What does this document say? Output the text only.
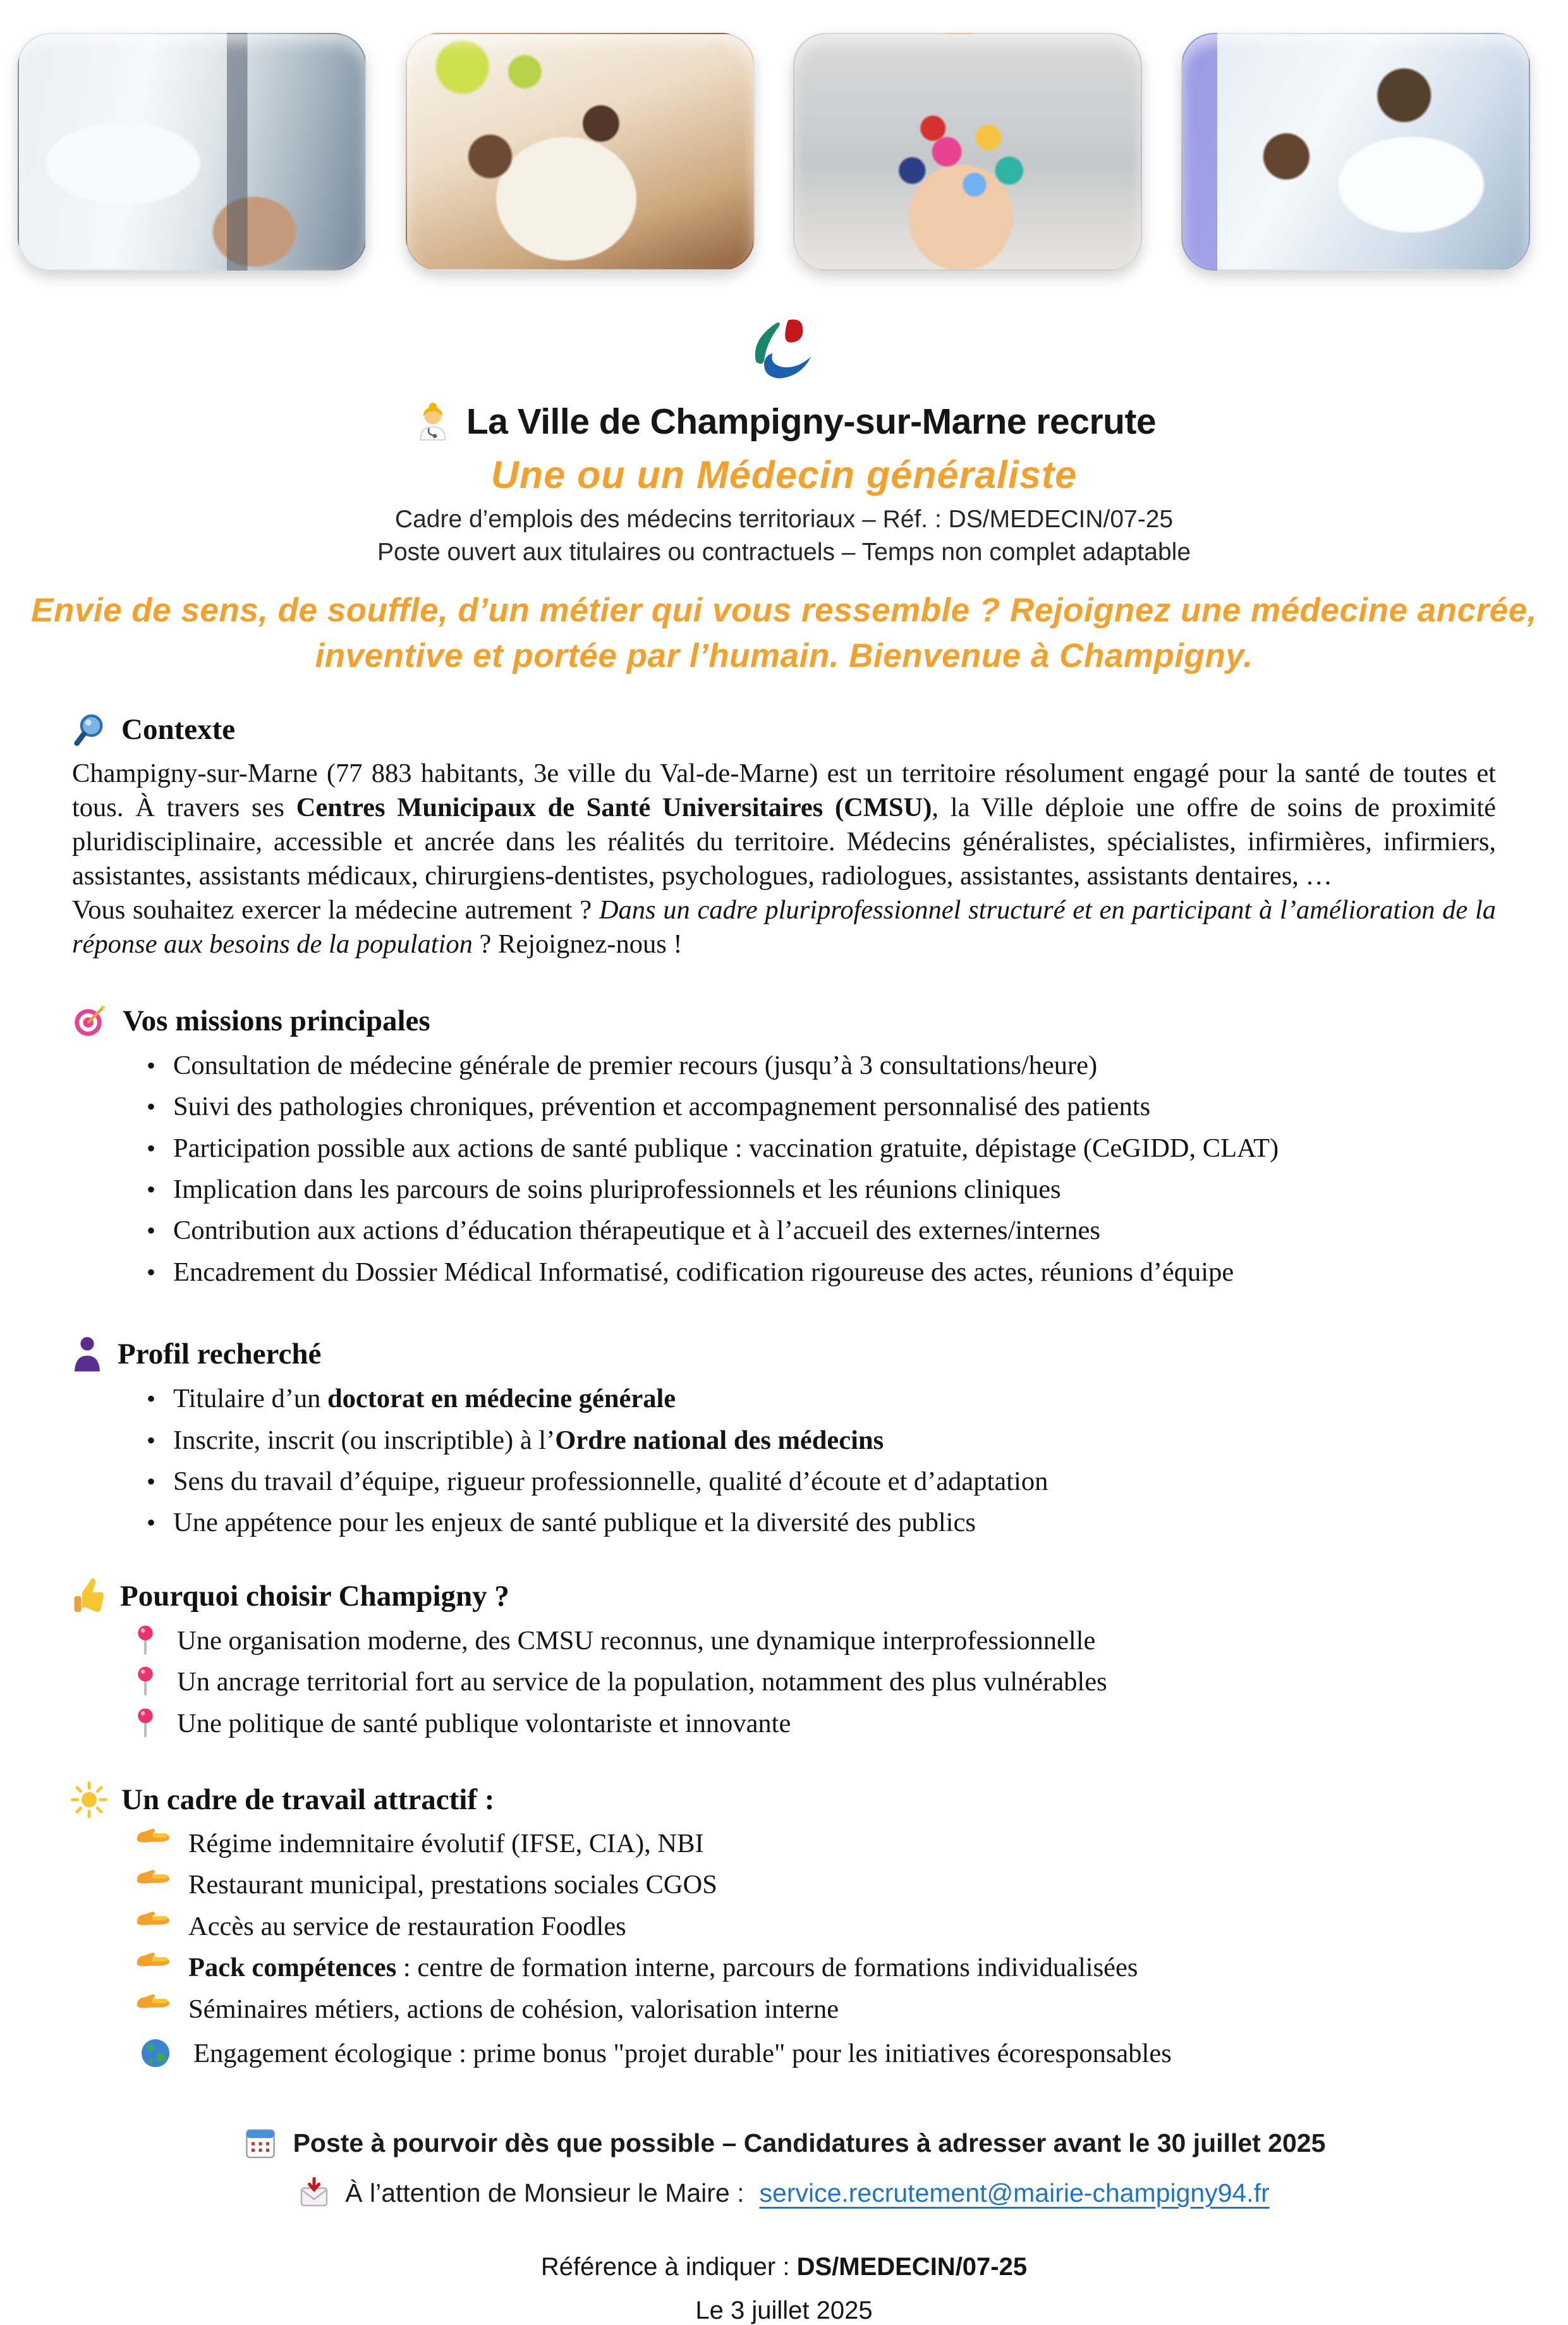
La Ville de Champigny-sur-Marne recrute
Une ou un Médecin généraliste
Cadre d’emplois des médecins territoriaux – Réf. : DS/MEDECIN/07-25
Poste ouvert aux titulaires ou contractuels – Temps non complet adaptable
Envie de sens, de souffle, d’un métier qui vous ressemble ? Rejoignez une médecine ancrée,
inventive et portée par l’humain. Bienvenue à Champigny.
Contexte

Champigny-sur-Marne (77 883 habitants, 3e ville du Val-de-Marne) est un territoire résolument engagé pour la santé de toutes et tous. À travers ses Centres Municipaux de Santé Universitaires (CMSU), la Ville déploie une offre de soins de proximité pluridisciplinaire, accessible et ancrée dans les réalités du territoire. Médecins généralistes, spécialistes, infirmières, infirmiers, assistantes, assistants médicaux, chirurgiens-dentistes, psychologues, radiologues, assistantes, assistants dentaires, …

Vous souhaitez exercer la médecine autrement ? Dans un cadre pluriprofessionnel structuré et en participant à l’amélioration de la réponse aux besoins de la population ? Rejoignez-nous !

Vos missions principales
• Consultation de médecine générale de premier recours (jusqu’à 3 consultations/heure)
• Suivi des pathologies chroniques, prévention et accompagnement personnalisé des patients
• Participation possible aux actions de santé publique : vaccination gratuite, dépistage (CeGIDD, CLAT)
• Implication dans les parcours de soins pluriprofessionnels et les réunions cliniques
• Contribution aux actions d’éducation thérapeutique et à l’accueil des externes/internes
• Encadrement du Dossier Médical Informatisé, codification rigoureuse des actes, réunions d’équipe
Profil recherché
• Titulaire d’un doctorat en médecine générale
• Inscrite, inscrit (ou inscriptible) à l’Ordre national des médecins
• Sens du travail d’équipe, rigueur professionnelle, qualité d’écoute et d’adaptation
• Une appétence pour les enjeux de santé publique et la diversité des publics
Pourquoi choisir Champigny ?
Une organisation moderne, des CMSU reconnus, une dynamique interprofessionnelle
Un ancrage territorial fort au service de la population, notamment des plus vulnérables
Une politique de santé publique volontariste et innovante
Un cadre de travail attractif :
Régime indemnitaire évolutif (IFSE, CIA), NBI
Restaurant municipal, prestations sociales CGOS
Accès au service de restauration Foodles
Pack compétences : centre de formation interne, parcours de formations individualisées
Séminaires métiers, actions de cohésion, valorisation interne
Engagement écologique : prime bonus "projet durable" pour les initiatives écoresponsables
Poste à pourvoir dès que possible – Candidatures à adresser avant le 30 juillet 2025
À l’attention de Monsieur le Maire : service.recrutement@mairie-champigny94.fr
Référence à indiquer : DS/MEDECIN/07-25
Le 3 juillet 2025
